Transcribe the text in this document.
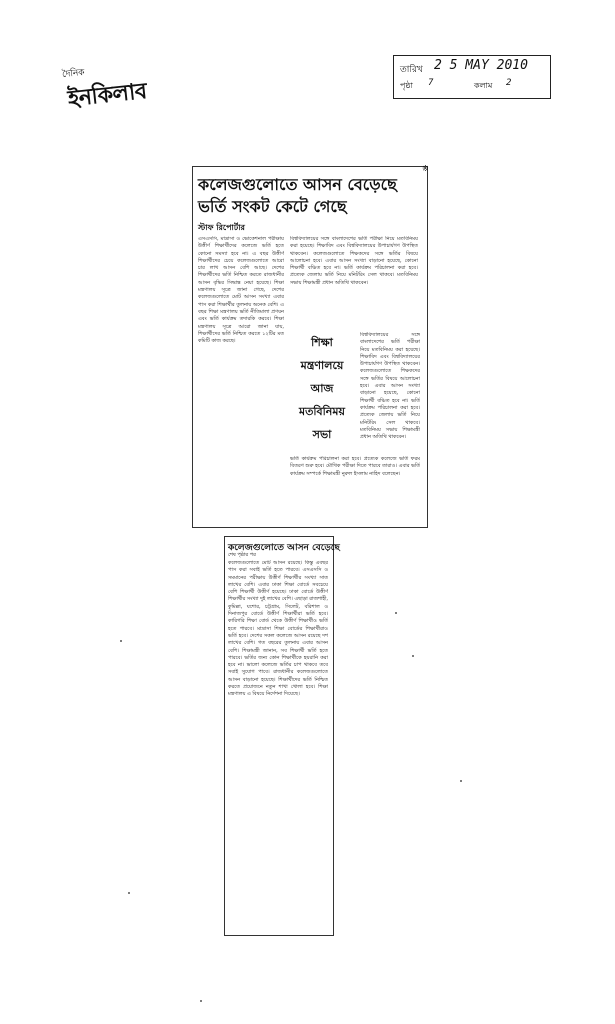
দৈনিক
ইনকিলাব
তারিখ 2 5 MAY 2010
পৃষ্ঠা 7	কলাম 2
※
কলেজগুলোতে আসন বেড়েছে
ভর্তি সংকট কেটে গেছে
স্টাফ রিপোর্টার
এসএসসি, মাদ্রাসা ও ভোকেশনাল পরীক্ষায় উত্তীর্ণ শিক্ষার্থীদের কলেজে ভর্তি হতে কোনো সমস্যা হবে না। এ বছর উত্তীর্ণ শিক্ষার্থীদের চেয়ে কলেজগুলোতে আরো চার লাখ আসন বেশি আছে। দেশের শিক্ষার্থীদের ভর্তি নিশ্চিত করতে রাজধানীর আসন বৃদ্ধির সিদ্ধান্ত নেয়া হয়েছে। শিক্ষা মন্ত্রণালয় সূত্রে জানা গেছে, দেশের কলেজগুলোতে মোট আসন সংখ্যা এবার পাস করা শিক্ষার্থীর তুলনায় অনেক বেশি। এ বছর শিক্ষা মন্ত্রণালয় ভর্তি নীতিমালা প্রণয়ন এবং ভর্তি কার্যক্রম তদারকি করবে। শিক্ষা মন্ত্রণালয় সূত্রে আরো জানা যায়, শিক্ষার্থীদের ভর্তি নিশ্চিত করতে ১২টির মত কমিটি কাজ করছে।
বিশ্ববিদ্যালয়ের সঙ্গে বাংলাদেশের ভর্তি পরীক্ষা নিয়ে মতবিনিময় করা হয়েছে। শিক্ষাবিদ এবং বিশ্ববিদ্যালয়ের উপাচার্যগণ উপস্থিত থাকবেন। কলেজগুলোতে শিক্ষকদের সঙ্গে ভর্তির বিষয়ে আলোচনা হবে। এবার আসন সংখ্যা বাড়ানো হয়েছে, কোনো শিক্ষার্থী বঞ্চিত হবে না। ভর্তি কার্যক্রম পরিচালনা করা হবে। প্রত্যেক জেলায় ভর্তি নিয়ে মনিটরিং সেল থাকবে। মতবিনিময় সভায় শিক্ষামন্ত্রী প্রধান অতিথি থাকবেন।
শিক্ষা
মন্ত্রণালয়ে
আজ
মতবিনিময়
সভা
বিশ্ববিদ্যালয়ের সঙ্গে বাংলাদেশের ভর্তি পরীক্ষা নিয়ে মতবিনিময় করা হয়েছে। শিক্ষাবিদ এবং বিশ্ববিদ্যালয়ের উপাচার্যগণ উপস্থিত থাকবেন। কলেজগুলোতে শিক্ষকদের সঙ্গে ভর্তির বিষয়ে আলোচনা হবে। এবার আসন সংখ্যা বাড়ানো হয়েছে, কোনো শিক্ষার্থী বঞ্চিত হবে না। ভর্তি কার্যক্রম পরিচালনা করা হবে। প্রত্যেক জেলায় ভর্তি নিয়ে মনিটরিং সেল থাকবে। মতবিনিময় সভায় শিক্ষামন্ত্রী প্রধান অতিথি থাকবেন।
ভর্তি কার্যক্রম পরিচালনা করা হবে। প্রত্যেক কলেজে ভর্তি ফরম বিতরণ শুরু হবে। মৌখিক পরীক্ষা দিতে পারবে তারাও। এবার ভর্তি কার্যক্রম সম্পর্কে শিক্ষামন্ত্রী নুরুল ইসলাম নাহিদ বলেছেন।
কলেজগুলোতে আসন বেড়েছে
শেষ পৃষ্ঠার পর
কলেজগুলোতে মোট আসন রয়েছে। কিন্তু এবছর পাস করা সবাই ভর্তি হতে পারবে। এসএসসি ও সমমানের পরীক্ষায় উত্তীর্ণ শিক্ষার্থীর সংখ্যা সাত লাখের বেশি। এবার ঢাকা শিক্ষা বোর্ডে সবচেয়ে বেশি শিক্ষার্থী উত্তীর্ণ হয়েছে। ঢাকা বোর্ডে উত্তীর্ণ শিক্ষার্থীর সংখ্যা দুই লাখের বেশি। এছাড়া রাজশাহী, কুমিল্লা, যশোর, চট্টগ্রাম, সিলেট, বরিশাল ও দিনাজপুর বোর্ডে উত্তীর্ণ শিক্ষার্থীরা ভর্তি হবে। কারিগরি শিক্ষা বোর্ড থেকে উত্তীর্ণ শিক্ষার্থীও ভর্তি হতে পারবে। মাদ্রাসা শিক্ষা বোর্ডের শিক্ষার্থীরাও ভর্তি হবে। দেশের সকল কলেজে আসন রয়েছে দশ লাখের বেশি। গত বছরের তুলনায় এবার আসন বেশি। শিক্ষামন্ত্রী জানান, সব শিক্ষার্থী ভর্তি হতে পারবে। ভর্তির জন্য কোন শিক্ষার্থীকে হয়রানি করা হবে না। ভালো কলেজে ভর্তির চাপ থাকবে তবে সবাই সুযোগ পাবে। রাজধানীর কলেজগুলোতে আসন বাড়ানো হয়েছে। শিক্ষার্থীদের ভর্তি নিশ্চিত করতে প্রয়োজনে নতুন শাখা খোলা হবে। শিক্ষা মন্ত্রণালয় এ বিষয়ে নির্দেশনা দিয়েছে।
